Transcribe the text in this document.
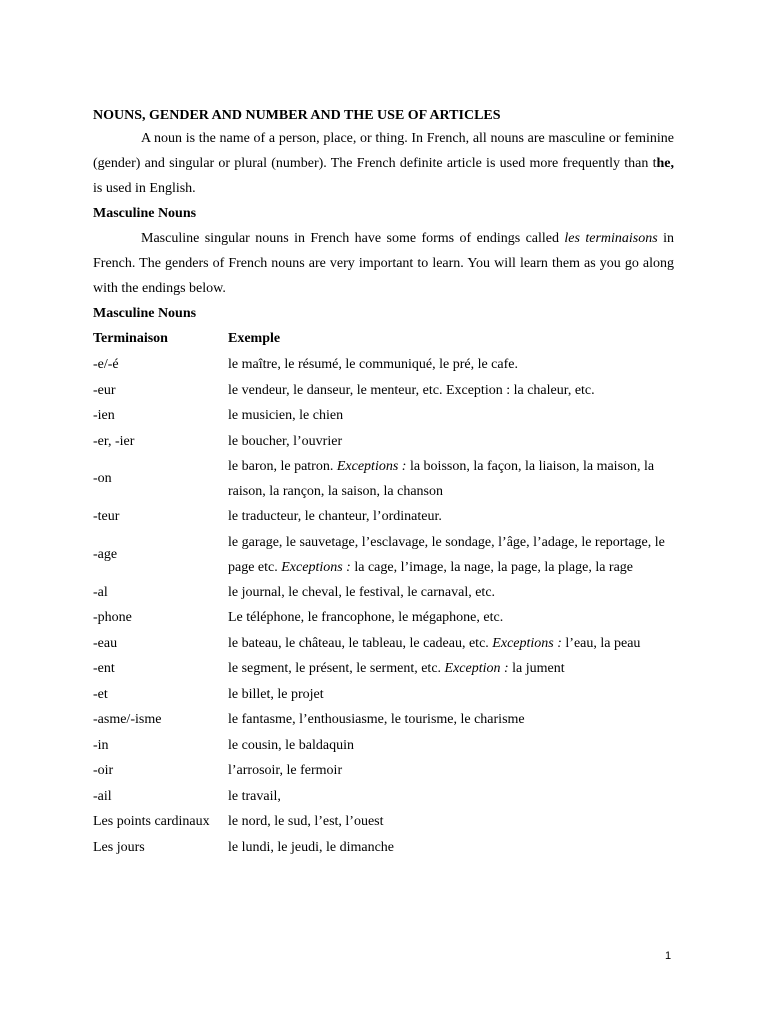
NOUNS, GENDER AND NUMBER AND THE USE OF ARTICLES
A noun is the name of a person, place, or thing. In French, all nouns are masculine or feminine (gender) and singular or plural (number). The French definite article is used more frequently than the, is used in English.
Masculine Nouns
Masculine singular nouns in French have some forms of endings called les terminaisons in French. The genders of French nouns are very important to learn. You will learn them as you go along with the endings below.
Masculine Nouns
Terminaison	Exemple
-e/-é	le maître, le résumé, le communiqué, le pré, le cafe.
-eur	le vendeur, le danseur, le menteur, etc. Exception : la chaleur, etc.
-ien	le musicien, le chien
-er, -ier	le boucher, l’ouvrier
-on	le baron, le patron. Exceptions : la boisson, la façon, la liaison, la maison, la raison, la rançon, la saison, la chanson
-teur	le traducteur, le chanteur, l’ordinateur.
-age	le garage, le sauvetage, l’esclavage, le sondage, l’âge, l’adage, le reportage, le page etc. Exceptions : la cage, l’image, la nage, la page, la plage, la rage
-al	le journal, le cheval, le festival, le carnaval, etc.
-phone	Le téléphone, le francophone, le mégaphone, etc.
-eau	le bateau, le château, le tableau, le cadeau, etc. Exceptions : l’eau, la peau
-ent	le segment, le présent, le serment, etc. Exception : la jument
-et	le billet, le projet
-asme/-isme	le fantasme, l’enthousiasme, le tourisme, le charisme
-in	le cousin, le baldaquin
-oir	l’arrosoir, le fermoir
-ail	le travail,
Les points cardinaux	le nord, le sud, l’est, l’ouest
Les jours	le lundi, le jeudi, le dimanche
1
